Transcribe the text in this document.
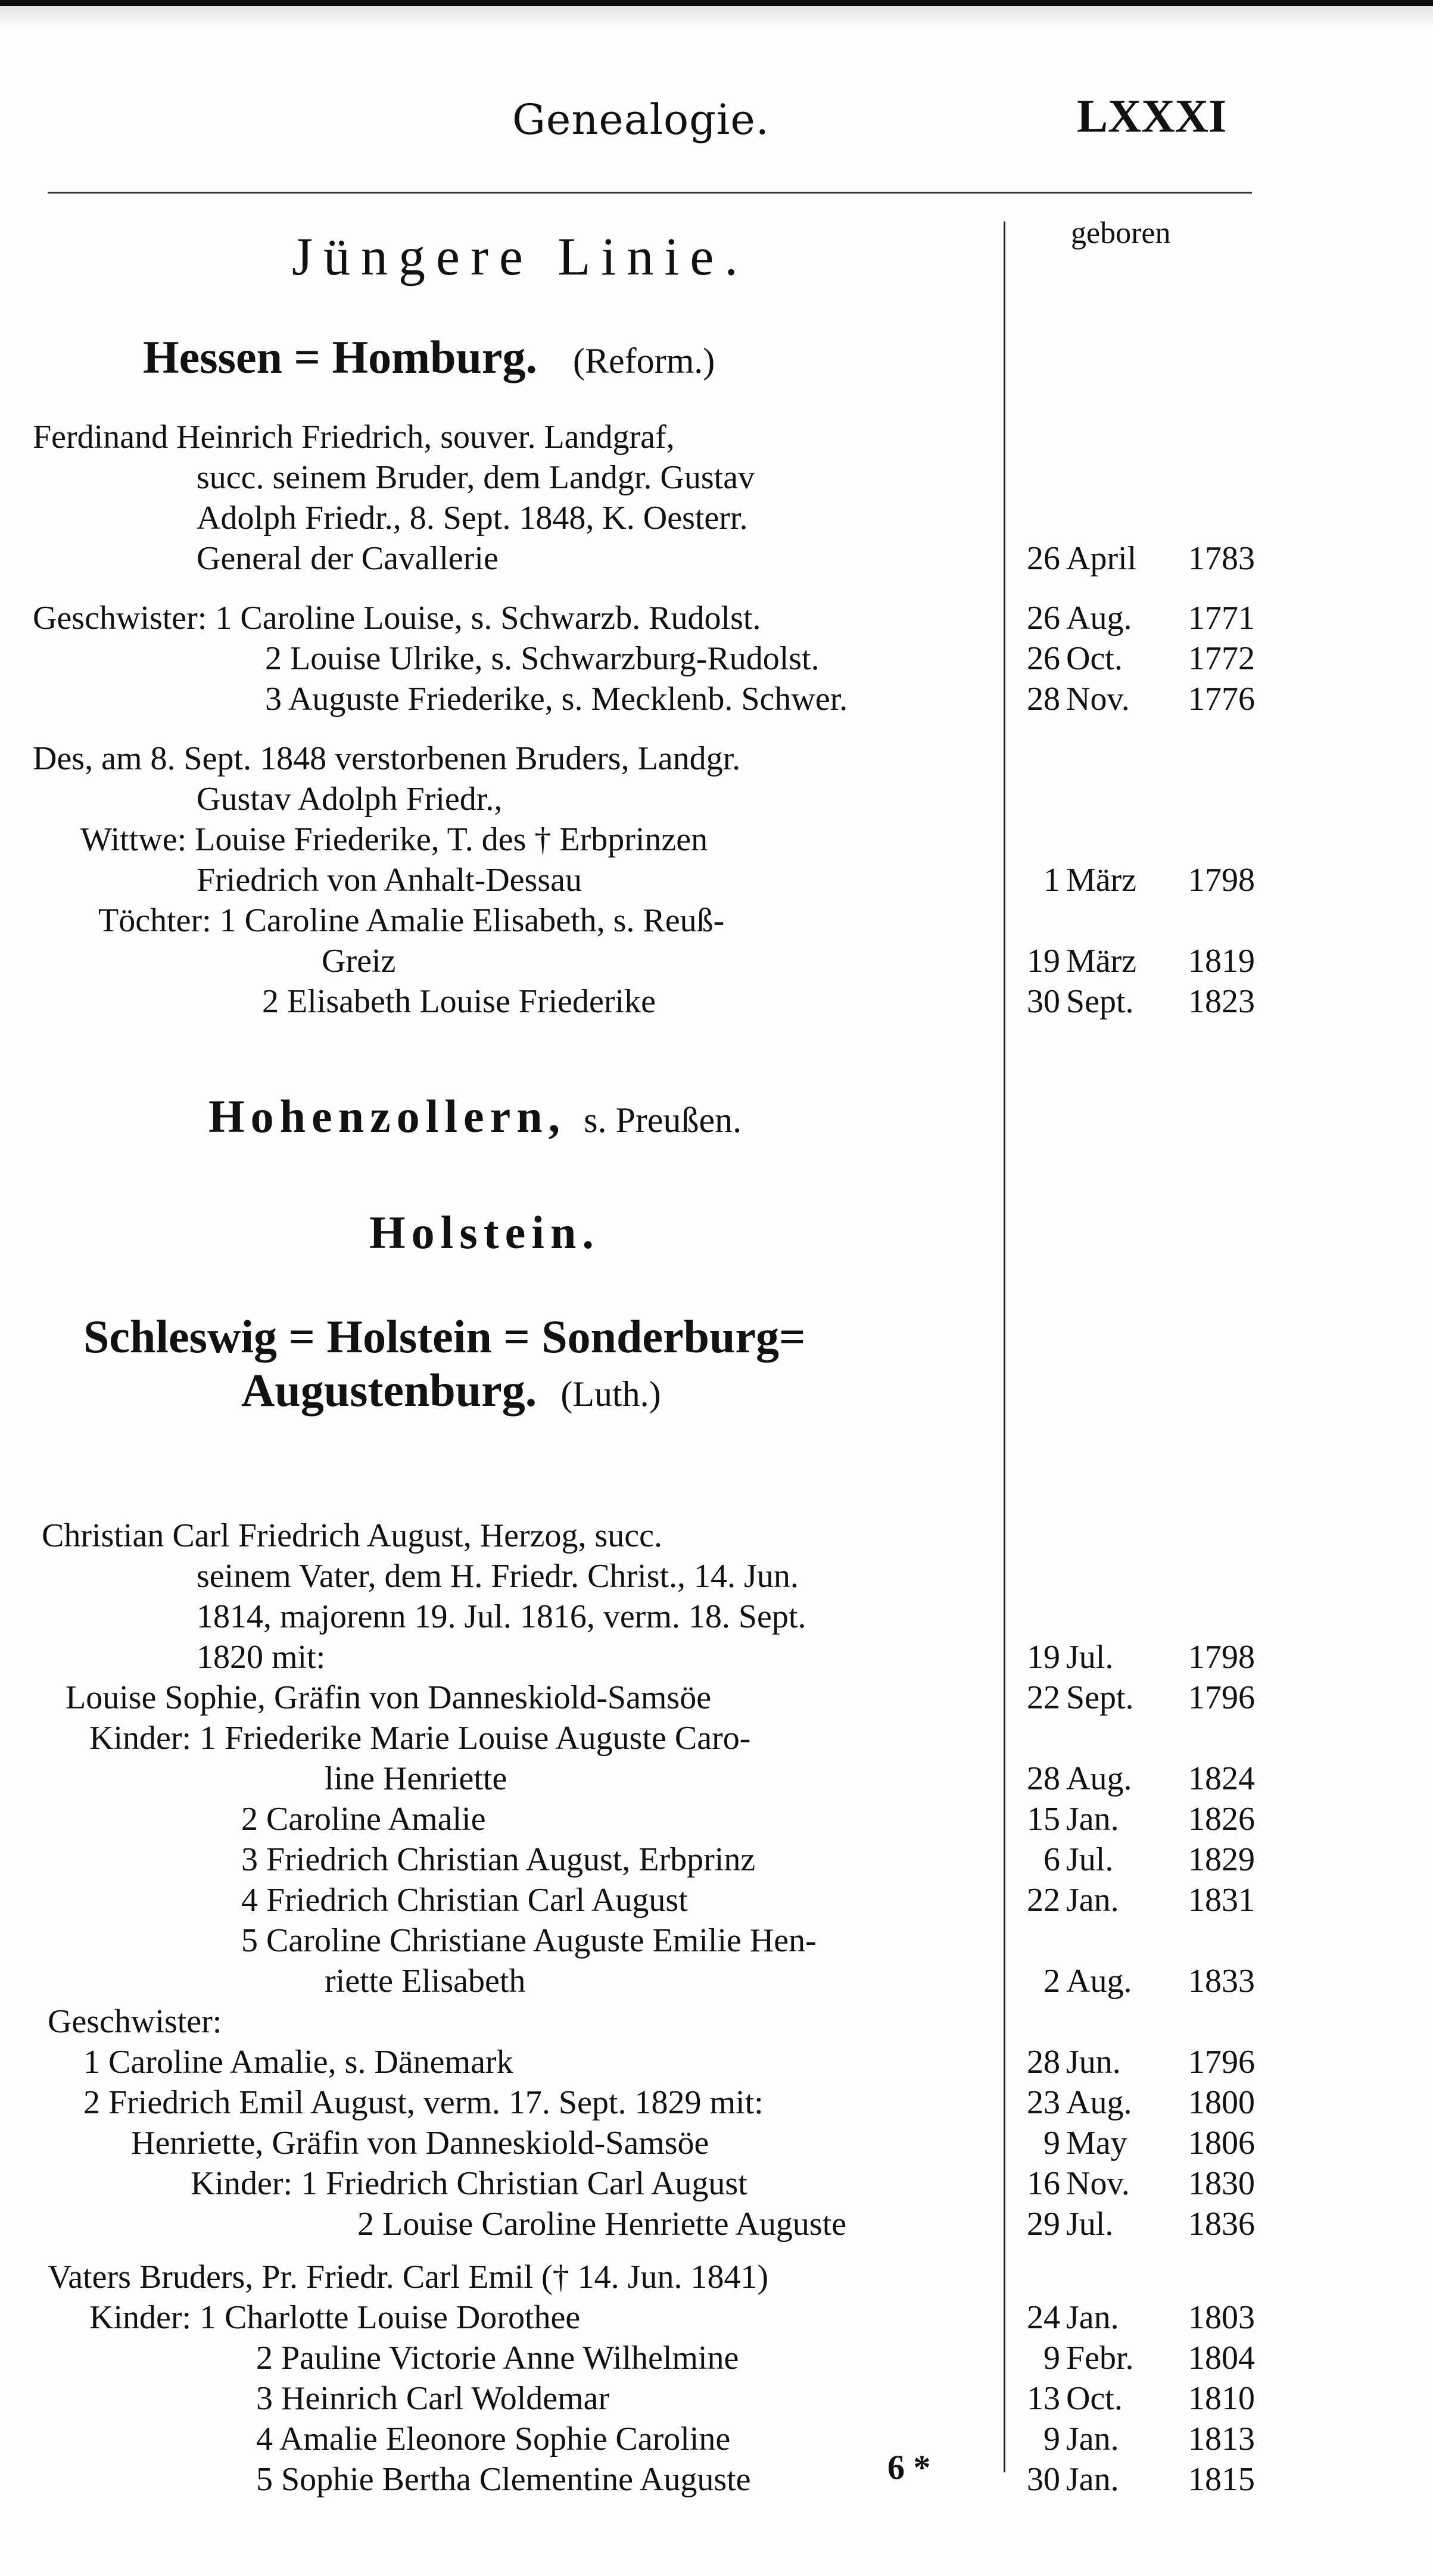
Genealogie.	LXXXI
geboren
Jüngere Linie.
Hessen = Homburg. (Reform.)
Hohenzollern, s. Preußen.
Holstein.
Schleswig = Holstein = Sonderburg=
Augustenburg. (Luth.)
Ferdinand Heinrich Friedrich, souver. Landgraf,
succ. seinem Bruder, dem Landgr. Gustav
Adolph Friedr., 8. Sept. 1848, K. Oesterr.
General der Cavallerie	26 April 1783
Geschwister: 1 Caroline Louise, s. Schwarzb. Rudolst.	26 Aug. 1771
2 Louise Ulrike, s. Schwarzburg-Rudolst.	26 Oct. 1772
3 Auguste Friederike, s. Mecklenb. Schwer.	28 Nov. 1776
Des, am 8. Sept. 1848 verstorbenen Bruders, Landgr.
Gustav Adolph Friedr.,
Wittwe: Louise Friederike, T. des † Erbprinzen
Friedrich von Anhalt-Dessau	1 März 1798
Töchter: 1 Caroline Amalie Elisabeth, s. Reuß-
Greiz	19 März 1819
2 Elisabeth Louise Friederike	30 Sept. 1823
Christian Carl Friedrich August, Herzog, succ.
seinem Vater, dem H. Friedr. Christ., 14. Jun.
1814, majorenn 19. Jul. 1816, verm. 18. Sept.
1820 mit:	19 Jul. 1798
Louise Sophie, Gräfin von Danneskiold-Samsöe	22 Sept. 1796
Kinder: 1 Friederike Marie Louise Auguste Caro-
line Henriette	28 Aug. 1824
2 Caroline Amalie	15 Jan. 1826
3 Friedrich Christian August, Erbprinz	6 Jul. 1829
4 Friedrich Christian Carl August	22 Jan. 1831
5 Caroline Christiane Auguste Emilie Hen-
riette Elisabeth	2 Aug. 1833
Geschwister:
1 Caroline Amalie, s. Dänemark	28 Jun. 1796
2 Friedrich Emil August, verm. 17. Sept. 1829 mit:	23 Aug. 1800
Henriette, Gräfin von Danneskiold-Samsöe	9 May 1806
Kinder: 1 Friedrich Christian Carl August	16 Nov. 1830
2 Louise Caroline Henriette Auguste	29 Jul. 1836
Vaters Bruders, Pr. Friedr. Carl Emil († 14. Jun. 1841)
Kinder: 1 Charlotte Louise Dorothee	24 Jan. 1803
2 Pauline Victorie Anne Wilhelmine	9 Febr. 1804
3 Heinrich Carl Woldemar	13 Oct. 1810
4 Amalie Eleonore Sophie Caroline	9 Jan. 1813
5 Sophie Bertha Clementine Auguste	30 Jan. 1815
6 *
